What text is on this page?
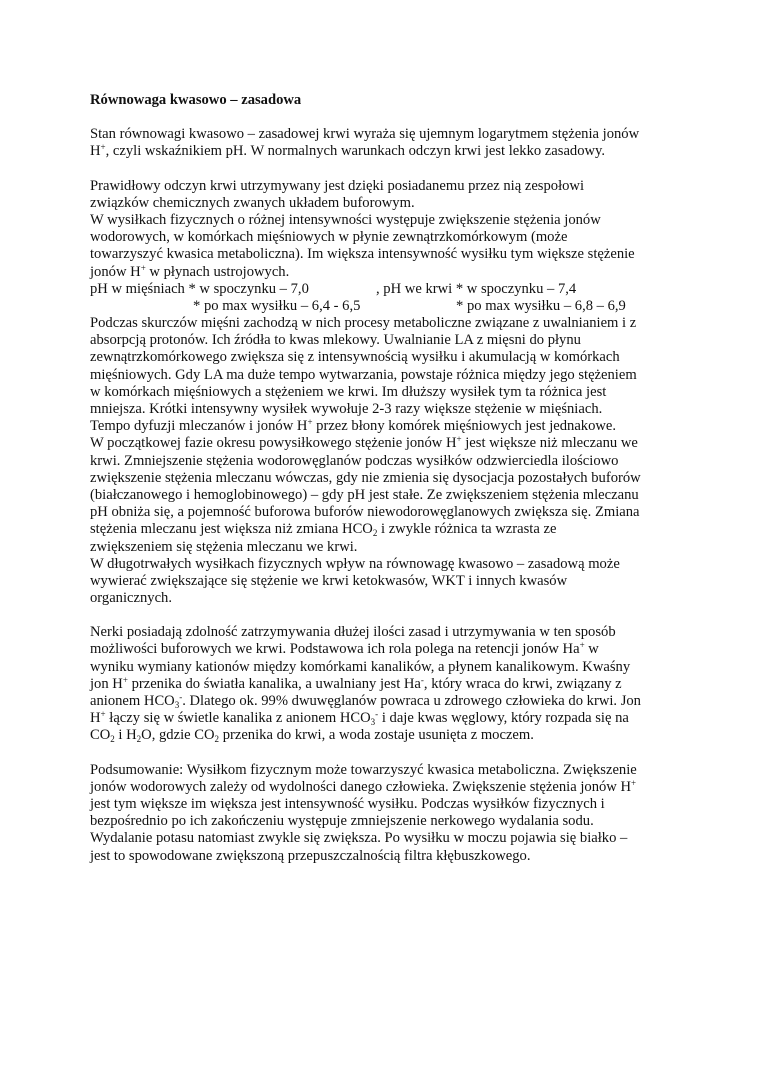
Równowaga kwasowo – zasadowa
Stan równowagi kwasowo – zasadowej krwi wyraża się ujemnym logarytmem stężenia jonów
H+, czyli wskaźnikiem pH. W normalnych warunkach odczyn krwi jest lekko zasadowy.
Prawidłowy odczyn krwi utrzymywany jest dzięki posiadanemu przez nią zespołowi
związków chemicznych zwanych układem buforowym.
W wysiłkach fizycznych o różnej intensywności występuje zwiększenie stężenia jonów
wodorowych, w komórkach mięśniowych w płynie zewnątrzkomórkowym (może
towarzyszyć kwasica metaboliczna). Im większa intensywność wysiłku tym większe stężenie
jonów H+ w płynach ustrojowych.
pH w mięśniach * w spoczynku – 7,0	, pH we krwi * w spoczynku – 7,4
* po max wysiłku – 6,4 - 6,5	* po max wysiłku – 6,8 – 6,9
Podczas skurczów mięśni zachodzą w nich procesy metaboliczne związane z uwalnianiem i z
absorpcją protonów. Ich źródła to kwas mlekowy. Uwalnianie LA z mięsni do płynu
zewnątrzkomórkowego zwiększa się z intensywnością wysiłku i akumulacją w komórkach
mięśniowych. Gdy LA ma duże tempo wytwarzania, powstaje różnica między jego stężeniem
w komórkach mięśniowych a stężeniem we krwi. Im dłuższy wysiłek tym ta różnica jest
mniejsza. Krótki intensywny wysiłek wywołuje 2-3 razy większe stężenie w mięśniach.
Tempo dyfuzji mleczanów i jonów H+ przez błony komórek mięśniowych jest jednakowe.
W początkowej fazie okresu powysiłkowego stężenie jonów H+ jest większe niż mleczanu we
krwi. Zmniejszenie stężenia wodorowęglanów podczas wysiłków odzwierciedla ilościowo
zwiększenie stężenia mleczanu wówczas, gdy nie zmienia się dysocjacja pozostałych buforów
(białczanowego i hemoglobinowego) – gdy pH jest stałe. Ze zwiększeniem stężenia mleczanu
pH obniża się, a pojemność buforowa buforów niewodorowęglanowych zwiększa się. Zmiana
stężenia mleczanu jest większa niż zmiana $HCO_2$ i zwykle różnica ta wzrasta ze
zwiększeniem się stężenia mleczanu we krwi.
W długotrwałych wysiłkach fizycznych wpływ na równowagę kwasowo – zasadową może
wywierać zwiększające się stężenie we krwi ketokwasów, WKT i innych kwasów
organicznych.
Nerki posiadają zdolność zatrzymywania dłużej ilości zasad i utrzymywania w ten sposób
możliwości buforowych we krwi. Podstawowa ich rola polega na retencji jonów Ha+ w
wyniku wymiany kationów między komórkami kanalików, a płynem kanalikowym. Kwaśny
jon H+ przenika do światła kanalika, a uwalniany jest Ha-, który wraca do krwi, związany z
anionem $HCO_3^-$. Dlatego ok. 99% dwuwęglanów powraca u zdrowego człowieka do krwi. Jon
H+ łączy się w świetle kanalika z anionem $HCO_3^-$ i daje kwas węglowy, który rozpada się na
$CO_2$ i $H_2O$, gdzie $CO_2$ przenika do krwi, a woda zostaje usunięta z moczem.
Podsumowanie: Wysiłkom fizycznym może towarzyszyć kwasica metaboliczna. Zwiększenie
jonów wodorowych zależy od wydolności danego człowieka. Zwiększenie stężenia jonów H+
jest tym większe im większa jest intensywność wysiłku. Podczas wysiłków fizycznych i
bezpośrednio po ich zakończeniu występuje zmniejszenie nerkowego wydalania sodu.
Wydalanie potasu natomiast zwykle się zwiększa. Po wysiłku w moczu pojawia się białko –
jest to spowodowane zwiększoną przepuszczalnością filtra kłębuszkowego.
